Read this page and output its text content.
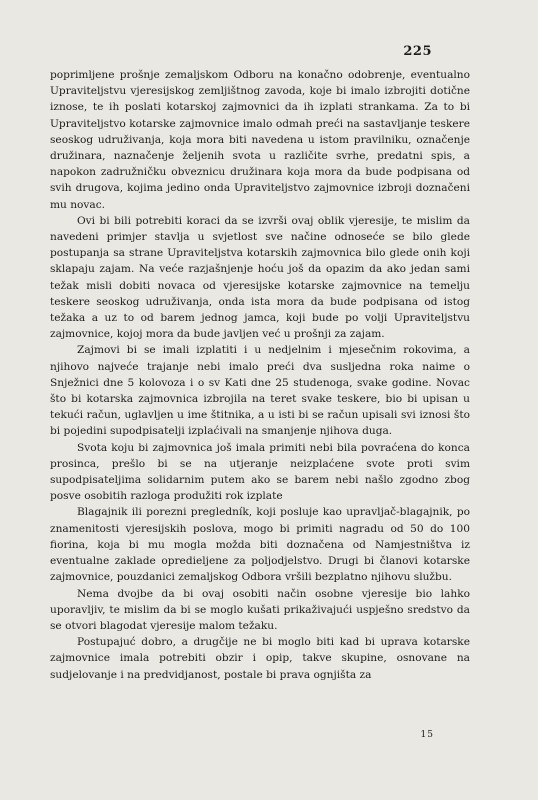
225

poprimljene prošnje zemaljskom Odboru na konačno odobrenje, eventualno Upraviteljstvu vjeresijskog zemljištnog zavoda, koje bi imalo izbrojiti dotične iznose, te ih poslati kotarskoj zajmovnici da ih izplati strankama. Za to bi Upraviteljstvo kotarske zajmovnice imalo odmah preći na sastavljanje teskere seoskog udruživanja, koja mora biti navedena u istom pravilniku, označenje družinara, naznačenje željenih svota u različite svrhe, predatni spis, a napokon zadružničku obveznicu družinara koja mora da bude podpisana od svih drugova, kojima jedino onda Upraviteljstvo zajmovnice izbroji doznačeni mu novac.

Ovi bi bili potrebiti koraci da se izvrši ovaj oblik vjeresije, te mislim da navedeni primjer stavlja u svjetlost sve načine odnoseće se bilo glede postupanja sa strane Upraviteljstva kotarskih zajmovnica bilo glede onih koji sklapaju zajam. Na veće razjašnjenje hoću još da opazim da ako jedan sami težak misli dobiti novaca od vjeresijske kotarske zajmovnice na temelju teskere seoskog udruživanja, onda ista mora da bude podpisana od istog težaka a uz to od barem jednog jamca, koji bude po volji Upraviteljstvu zajmovnice, kojoj mora da bude javljen već u prošnji za zajam.

Zajmovi bi se imali izplatiti i u nedjelnim i mjesečnim rokovima, a njihovo najveće trajanje nebi imalo preći dva susljedna roka naime o Snježnici dne 5 kolovoza i o sv Kati dne 25 studenoga, svake godine. Novac što bi kotarska zajmovnica izbrojila na teret svake teskere, bio bi upisan u tekući račun, uglavljen u ime štitnika, a u isti bi se račun upisali svi iznosi što bi pojedini supodpisatelji izplaćivali na smanjenje njihova duga.

Svota koju bi zajmovnica još imala primiti nebi bila povraćena do konca prosinca, prešlo bi se na utjeranje neizplaćene svote proti svim supodpisateljima solidarnim putem ako se barem nebi našlo zgodno zbog posve osobitih razloga produžiti rok izplate

Blagajnik ili porezni pregledník, koji posluje kao upravljač-blagajnik, po znamenitosti vjeresijskih poslova, mogo bi primiti nagradu od 50 do 100 fiorina, koja bi mu mogla možda biti doznačena od Namjestništva iz eventualne zaklade opredieljene za poljodjelstvo. Drugi bi članovi kotarske zajmovnice, pouzdanici zemaljskog Odbora vršili bezplatno njihovu službu.

Nema dvojbe da bi ovaj osobiti način osobne vjeresije bio lahko uporavljiv, te mislim da bi se moglo kušati prikaživajući uspješno sredstvo da se otvori blagodat vjeresije malom težaku.

Postupajuć dobro, a drugčije ne bi moglo biti kad bi uprava kotarske zajmovnice imala potrebiti obzir i opip, takve skupine, osnovane na sudjelovanje i na predvidjanost, postale bi prava ognjišta za

15
